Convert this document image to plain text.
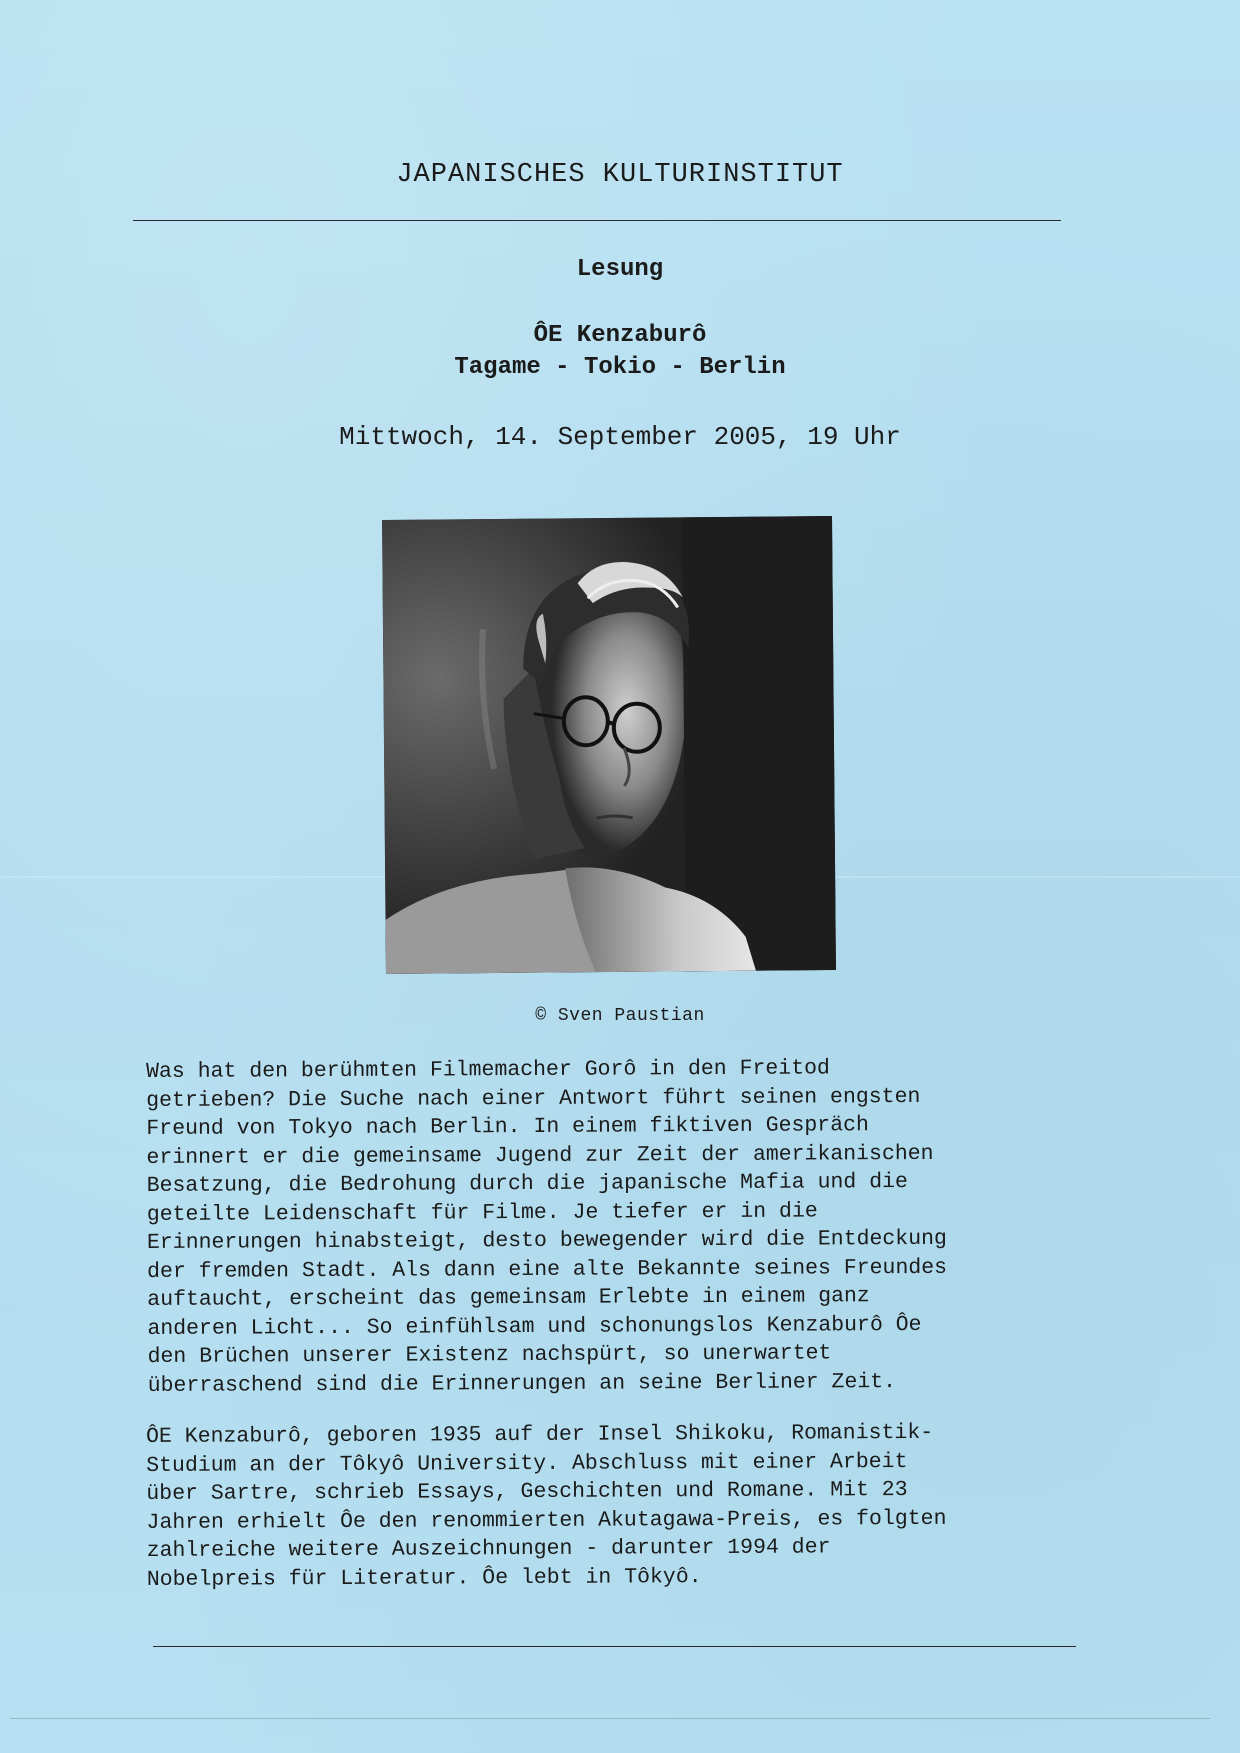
JAPANISCHES KULTURINSTITUT
Lesung
ÔE Kenzaburô
Tagame - Tokio - Berlin
Mittwoch, 14. September 2005, 19 Uhr
© Sven Paustian

Was hat den berühmten Filmemacher Gorô in den Freitod
getrieben? Die Suche nach einer Antwort führt seinen engsten
Freund von Tokyo nach Berlin. In einem fiktiven Gespräch
erinnert er die gemeinsame Jugend zur Zeit der amerikanischen
Besatzung, die Bedrohung durch die japanische Mafia und die
geteilte Leidenschaft für Filme. Je tiefer er in die
Erinnerungen hinabsteigt, desto bewegender wird die Entdeckung
der fremden Stadt. Als dann eine alte Bekannte seines Freundes
auftaucht, erscheint das gemeinsam Erlebte in einem ganz
anderen Licht... So einfühlsam und schonungslos Kenzaburô Ôe
den Brüchen unserer Existenz nachspürt, so unerwartet
überraschend sind die Erinnerungen an seine Berliner Zeit.

ÔE Kenzaburô, geboren 1935 auf der Insel Shikoku, Romanistik-
Studium an der Tôkyô University. Abschluss mit einer Arbeit
über Sartre, schrieb Essays, Geschichten und Romane. Mit 23
Jahren erhielt Ôe den renommierten Akutagawa-Preis, es folgten
zahlreiche weitere Auszeichnungen - darunter 1994 der
Nobelpreis für Literatur. Ôe lebt in Tôkyô.
